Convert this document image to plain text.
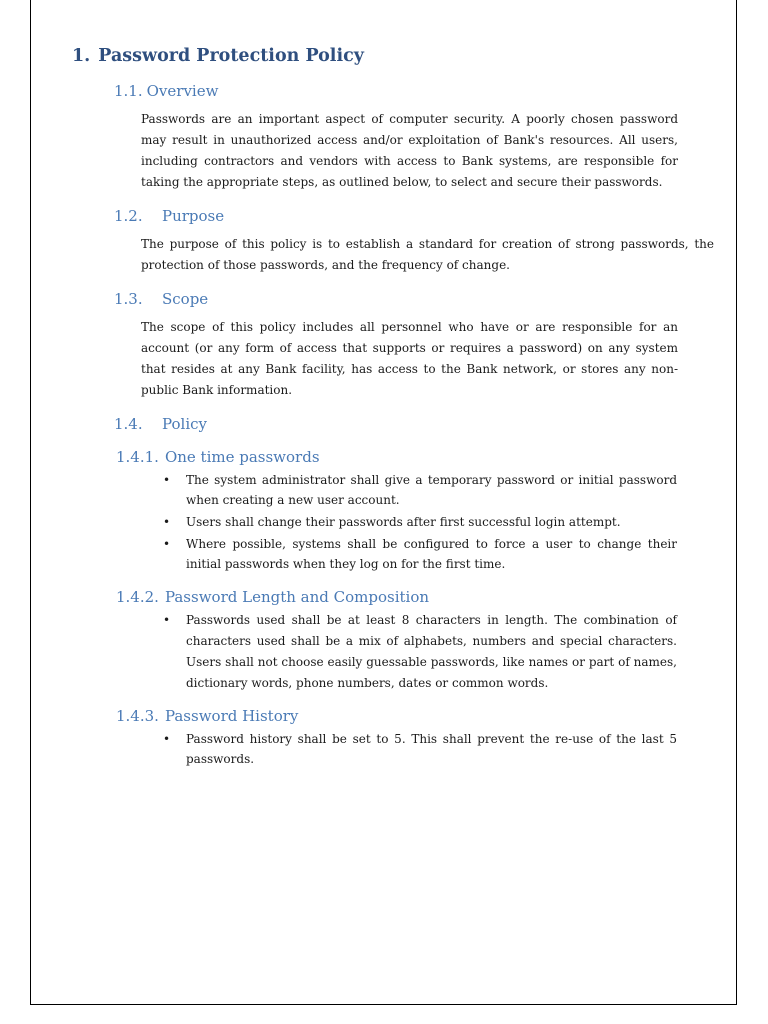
1. Password Protection Policy
1.1. Overview

Passwords are an important aspect of computer security. A poorly chosen password may result in unauthorized access and/or exploitation of Bank's resources. All users, including contractors and vendors with access to Bank systems, are responsible for taking the appropriate steps, as outlined below, to select and secure their passwords.

1.2. Purpose

The purpose of this policy is to establish a standard for creation of strong passwords, the protection of those passwords, and the frequency of change.

1.3. Scope

The scope of this policy includes all personnel who have or are responsible for an account (or any form of access that supports or requires a password) on any system that resides at any Bank facility, has access to the Bank network, or stores any non-public Bank information.

1.4. Policy
1.4.1. One time passwords
• The system administrator shall give a temporary password or initial password when creating a new user account.
• Users shall change their passwords after first successful login attempt.
• Where possible, systems shall be configured to force a user to change their initial passwords when they log on for the first time.
1.4.2. Password Length and Composition
• Passwords used shall be at least 8 characters in length. The combination of characters used shall be a mix of alphabets, numbers and special characters. Users shall not choose easily guessable passwords, like names or part of names, dictionary words, phone numbers, dates or common words.
1.4.3. Password History
• Password history shall be set to 5. This shall prevent the re-use of the last 5 passwords.
